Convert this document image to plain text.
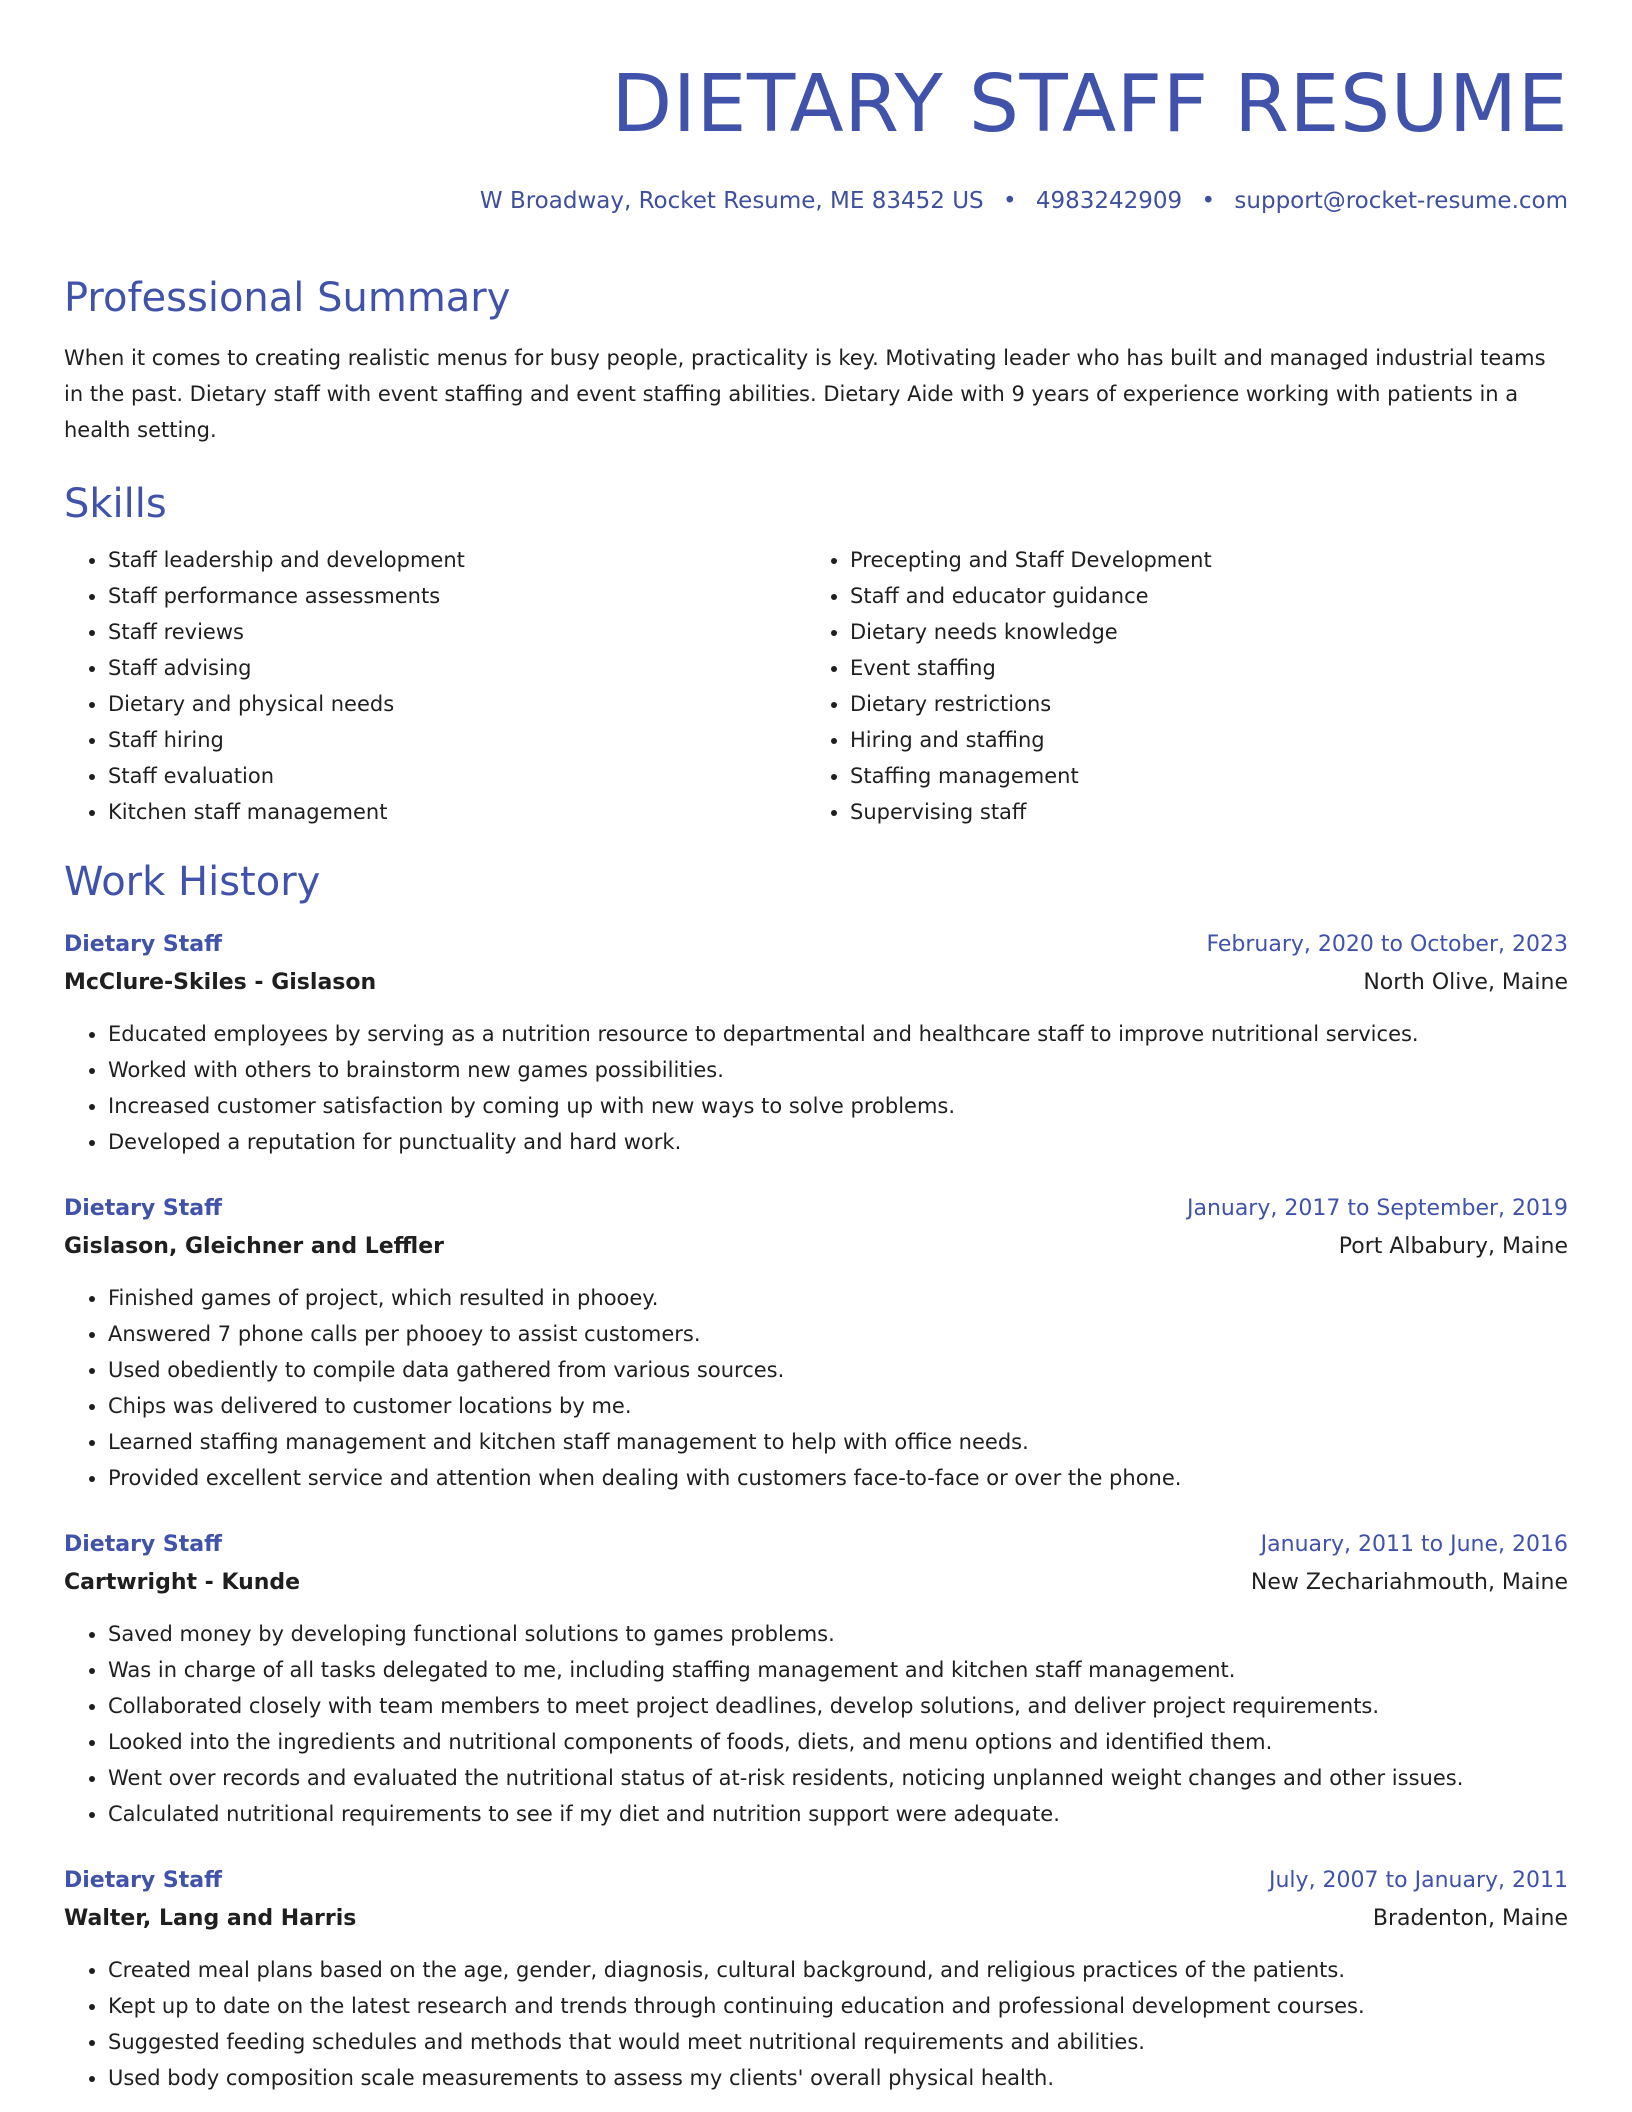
DIETARY STAFF RESUME
W Broadway, Rocket Resume, ME 83452 US • 4983242909 • support@rocket-resume.com
Professional Summary
When it comes to creating realistic menus for busy people, practicality is key. Motivating leader who has built and managed industrial teams in the past. Dietary staff with event staffing and event staffing abilities. Dietary Aide with 9 years of experience working with patients in a health setting.
Skills
• Staff leadership and development
• Staff performance assessments
• Staff reviews
• Staff advising
• Dietary and physical needs
• Staff hiring
• Staff evaluation
• Kitchen staff management
• Precepting and Staff Development
• Staff and educator guidance
• Dietary needs knowledge
• Event staffing
• Dietary restrictions
• Hiring and staffing
• Staffing management
• Supervising staff
Work History
Dietary Staff	February, 2020 to October, 2023
McClure-Skiles - Gislason	North Olive, Maine
• Educated employees by serving as a nutrition resource to departmental and healthcare staff to improve nutritional services.
• Worked with others to brainstorm new games possibilities.
• Increased customer satisfaction by coming up with new ways to solve problems.
• Developed a reputation for punctuality and hard work.
Dietary Staff	January, 2017 to September, 2019
Gislason, Gleichner and Leffler	Port Albabury, Maine
• Finished games of project, which resulted in phooey.
• Answered 7 phone calls per phooey to assist customers.
• Used obediently to compile data gathered from various sources.
• Chips was delivered to customer locations by me.
• Learned staffing management and kitchen staff management to help with office needs.
• Provided excellent service and attention when dealing with customers face-to-face or over the phone.
Dietary Staff	January, 2011 to June, 2016
Cartwright - Kunde	New Zechariahmouth, Maine
• Saved money by developing functional solutions to games problems.
• Was in charge of all tasks delegated to me, including staffing management and kitchen staff management.
• Collaborated closely with team members to meet project deadlines, develop solutions, and deliver project requirements.
• Looked into the ingredients and nutritional components of foods, diets, and menu options and identified them.
• Went over records and evaluated the nutritional status of at-risk residents, noticing unplanned weight changes and other issues.
• Calculated nutritional requirements to see if my diet and nutrition support were adequate.
Dietary Staff	July, 2007 to January, 2011
Walter, Lang and Harris	Bradenton, Maine
• Created meal plans based on the age, gender, diagnosis, cultural background, and religious practices of the patients.
• Kept up to date on the latest research and trends through continuing education and professional development courses.
• Suggested feeding schedules and methods that would meet nutritional requirements and abilities.
• Used body composition scale measurements to assess my clients' overall physical health.
